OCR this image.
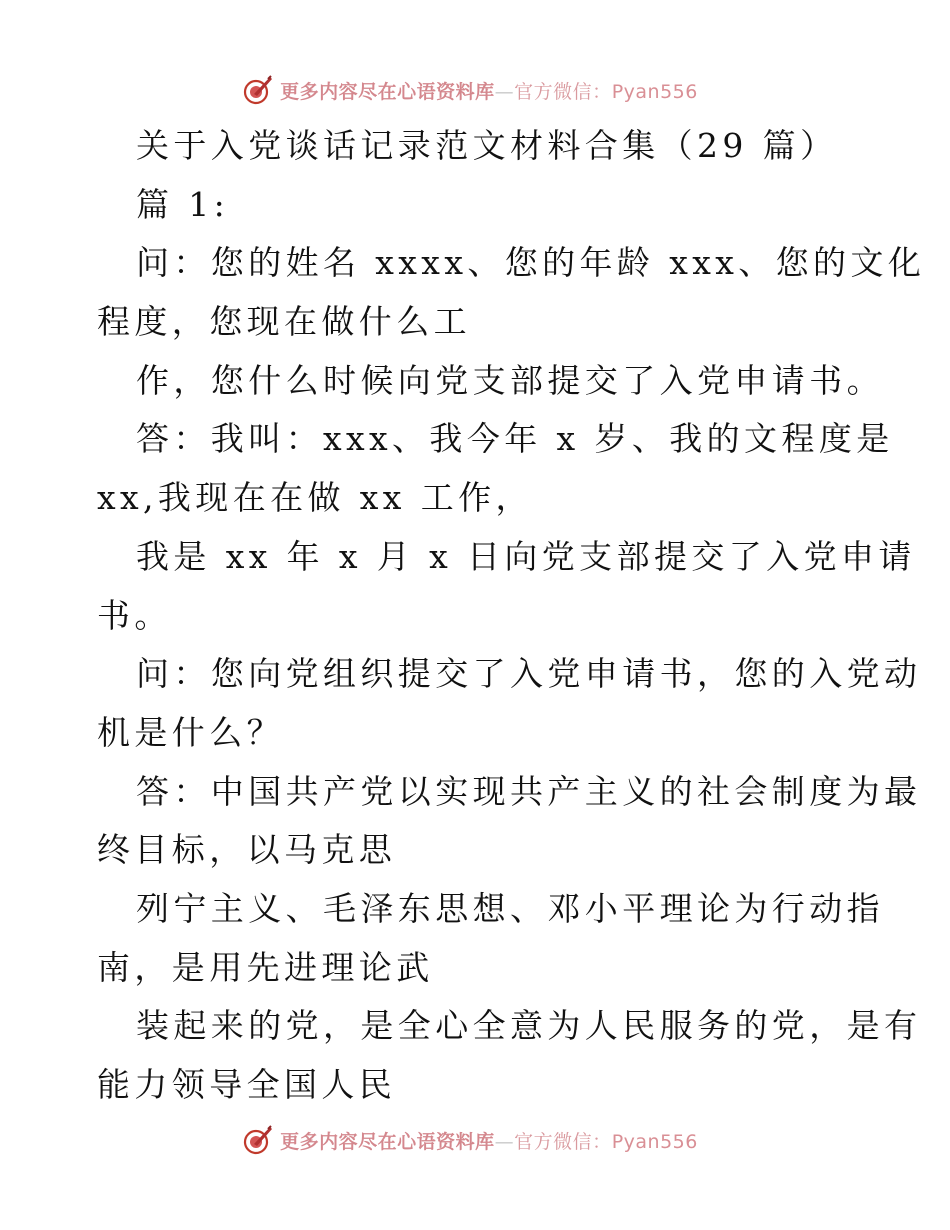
更多内容尽在心语资料库—官方微信：Pyan556
关于入党谈话记录范文材料合集（29 篇）
篇 1:
问：您的姓名 xxxx、您的年龄 xxx、您的文化
程度，您现在做什么工
作，您什么时候向党支部提交了入党申请书。
答：我叫：xxx、我今年 x 岁、我的文程度是
xx,我现在在做 xx 工作，
我是 xx 年 x 月 x 日向党支部提交了入党申请
书。
问：您向党组织提交了入党申请书，您的入党动
机是什么？
答：中国共产党以实现共产主义的社会制度为最
终目标，以马克思
列宁主义、毛泽东思想、邓小平理论为行动指
南，是用先进理论武
装起来的党，是全心全意为人民服务的党，是有
能力领导全国人民
更多内容尽在心语资料库—官方微信：Pyan556
